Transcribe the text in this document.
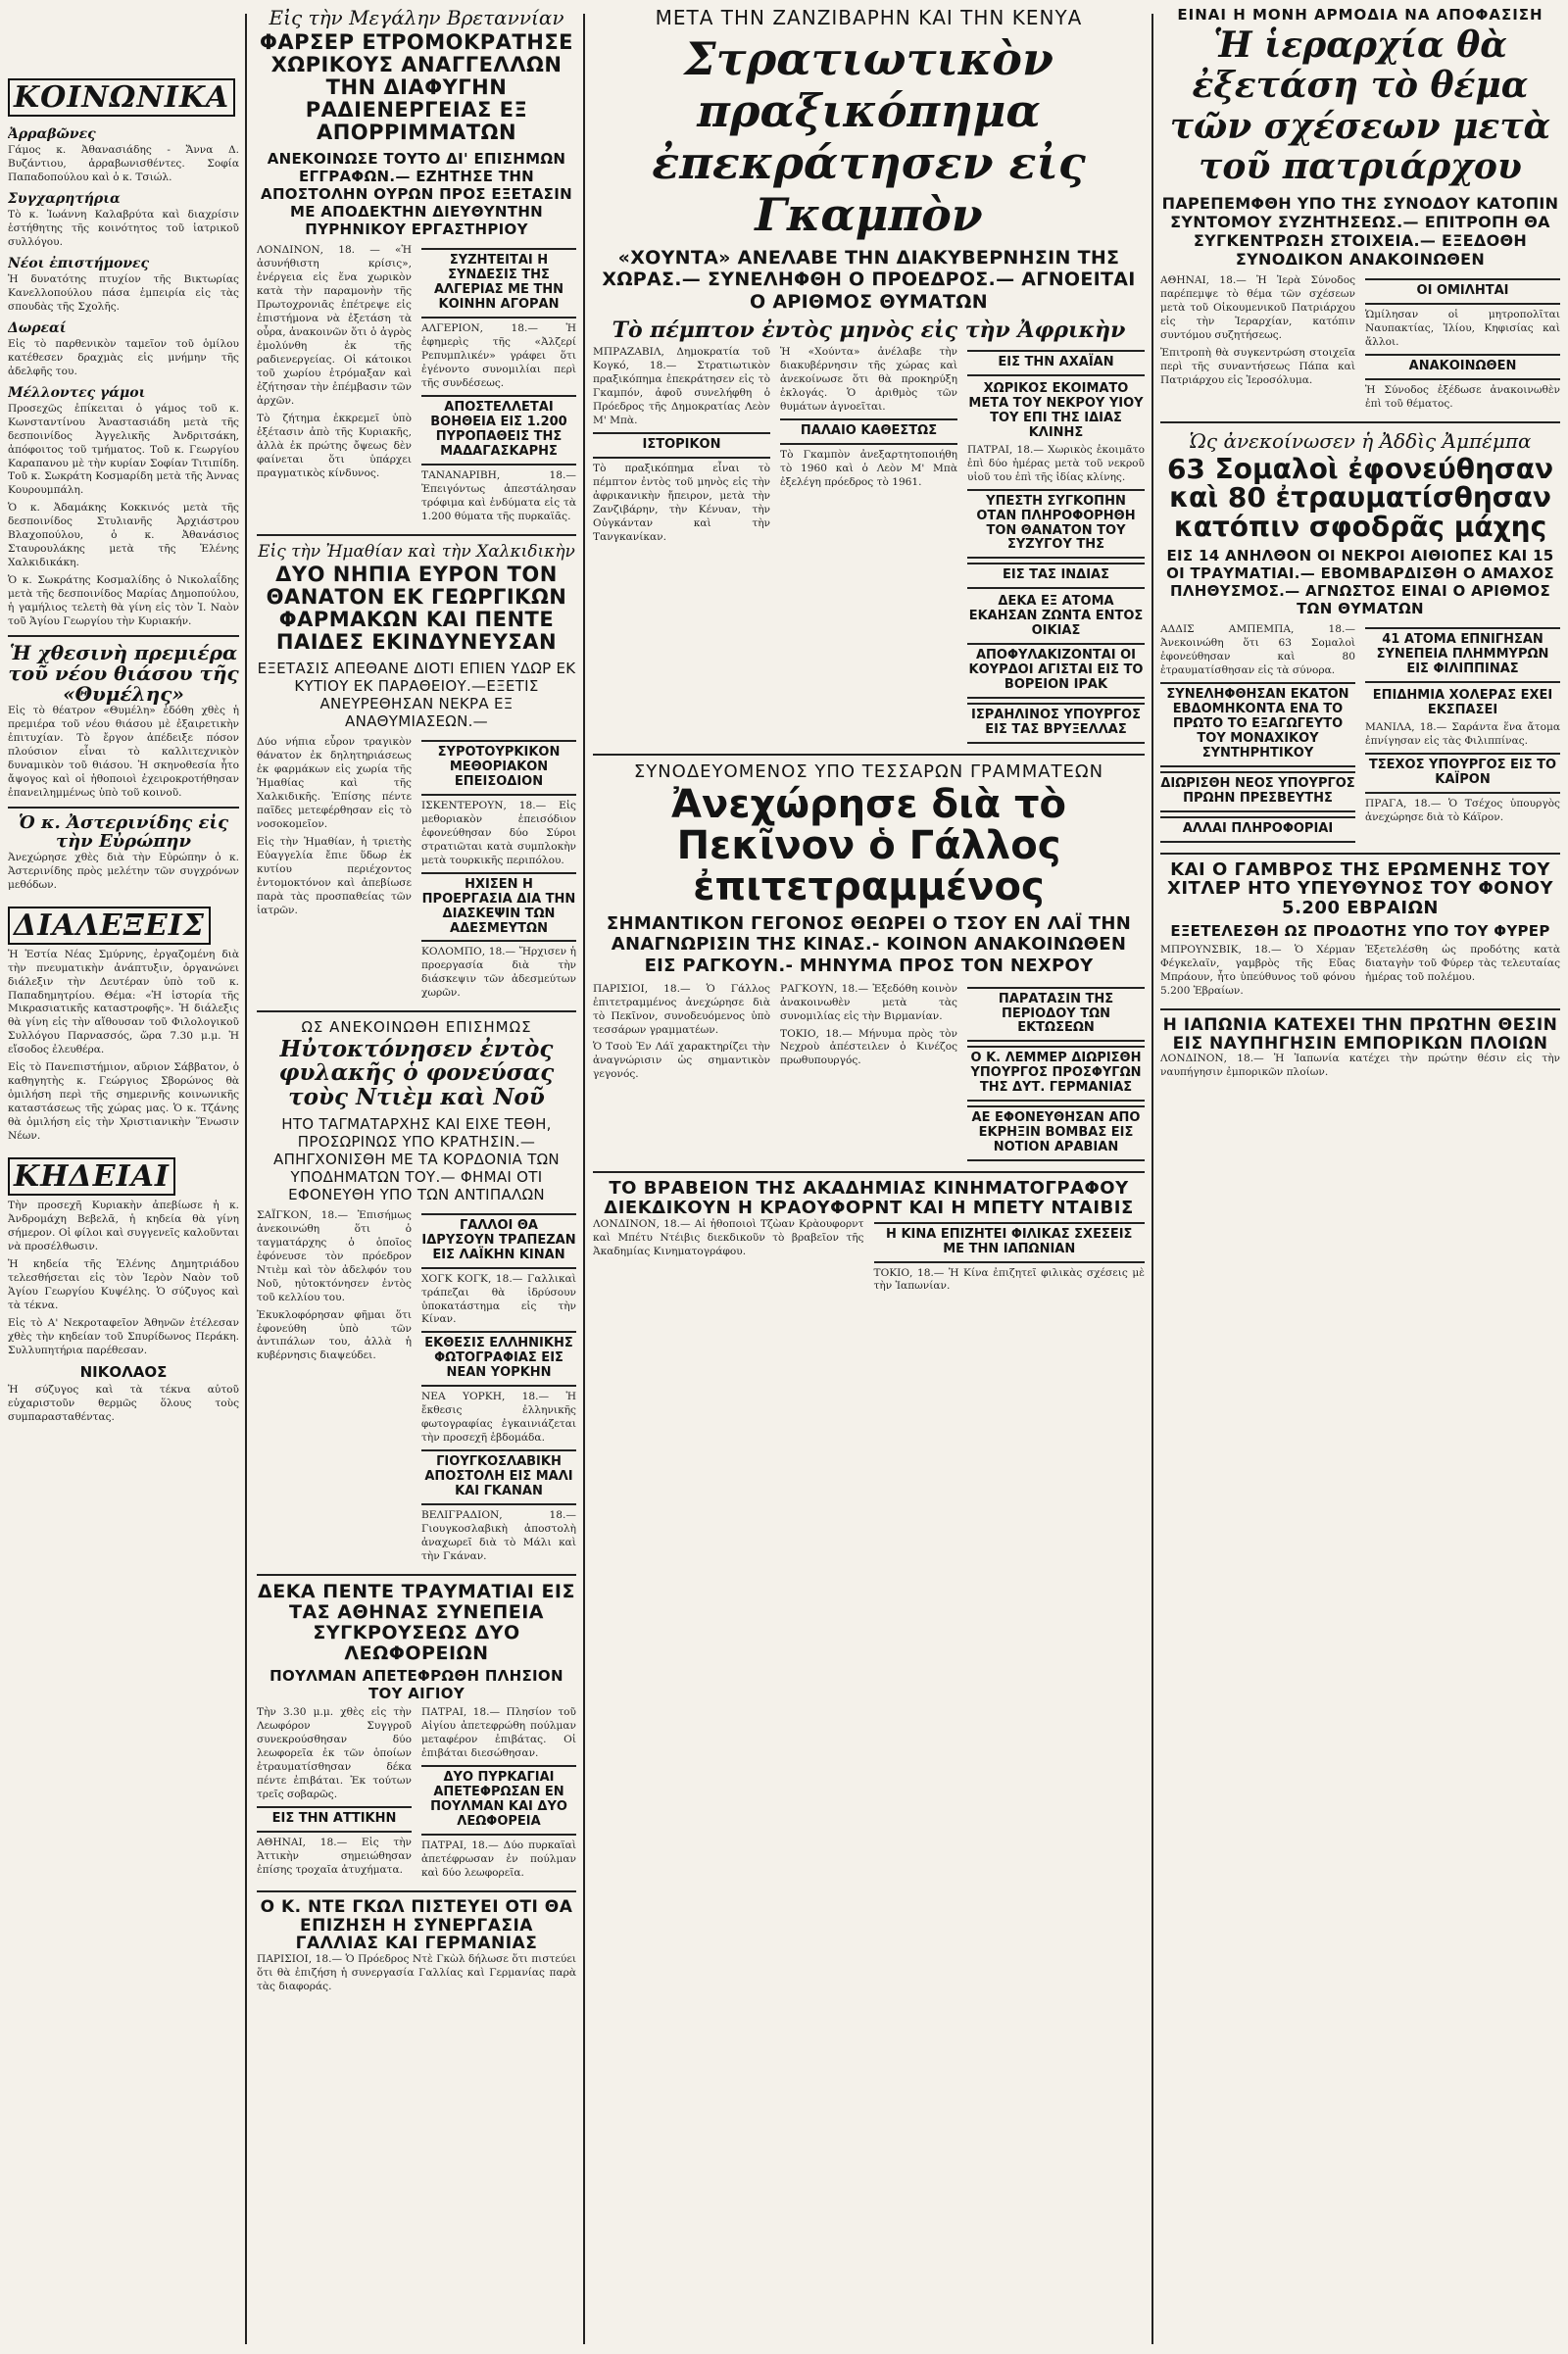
ΚΟΙΝΩΝΙΚΑ
Ἀρραβῶνες

Γάμος κ. Ἀθανασιάδης - Ἄννα Δ. Βυζάντιου, ἀρραβωνισθέντες. Σοφία Παπαδοπούλου καὶ ὁ κ. Τσιώλ.

Συγχαρητήρια

Τὸ κ. Ἰωάννη Καλαβρύτα καὶ διαχρίσιν ἑστήθητης τῆς κοινότητος τοῦ ἰατρικοῦ συλλόγου.

Νέοι ἐπιστήμονες

Ἡ δυνατότης πτυχίον τῆς Βικτωρίας Κανελλοπούλου πάσα ἐμπειρία εἰς τὰς σπουδὰς τῆς Σχολῆς.

Δωρεαί

Εἰς τὸ παρθενικὸν ταμεῖον τοῦ ὁμίλου κατέθεσεν δραχμὰς εἰς μνήμην τῆς ἀδελφῆς του.

Μέλλοντες γάμοι

Προσεχῶς ἐπίκειται ὁ γάμος τοῦ κ. Κωνσταντίνου Ἀναστασιάδη μετὰ τῆς δεσποινίδος Ἀγγελικῆς Ἀνδριτσάκη, ἀπόφοιτος τοῦ τμήματος. Τοῦ κ. Γεωργίου Καραπανου μὲ τὴν κυρίαν Σοφίαν Τιτιπίδη. Τοῦ κ. Σωκράτη Κοσμαρίδη μετὰ τῆς Ἀννας Κουρουμπάλη.

Ὁ κ. Ἀδαμάκης Κοκκινός μετὰ τῆς δεσποινίδος Στυλιανῆς Ἀρχιάστρου Βλαχοπούλου, ὁ κ. Ἀθανάσιος Σταυρουλάκης μετὰ τῆς Ἑλένης Χαλκιδικάκη.

Ὁ κ. Σωκράτης Κοσμαλίδης ὁ Νικολαΐδης μετὰ τῆς δεσποινίδος Μαρίας Δημοπούλου, ἡ γαμήλιος τελετὴ θὰ γίνη εἰς τὸν Ἱ. Ναὸν τοῦ Ἁγίου Γεωργίου τὴν Κυριακήν.

Ἡ χθεσινὴ πρεμιέρα τοῦ νέου θιάσου τῆς «Θυμέλης»

Εἰς τὸ θέατρον «Θυμέλη» ἐδόθη χθὲς ἡ πρεμιέρα τοῦ νέου θιάσου μὲ ἐξαιρετικὴν ἐπιτυχίαν. Τὸ ἔργον ἀπέδειξε πόσον πλούσιον εἶναι τὸ καλλιτεχνικὸν δυναμικὸν τοῦ θιάσου. Ἡ σκηνοθεσία ἦτο ἄψογος καὶ οἱ ἠθοποιοὶ ἐχειροκροτήθησαν ἐπανειλημμένως ὑπὸ τοῦ κοινοῦ.

Ὁ κ. Ἀστερινίδης εἰς τὴν Εὐρώπην

Ἀνεχώρησε χθὲς διὰ τὴν Εὐρώπην ὁ κ. Ἀστερινίδης πρὸς μελέτην τῶν συγχρόνων μεθόδων.

ΔΙΑΛΕΞΕΙΣ

Ἡ Ἑστία Νέας Σμύρνης, ἐργαζομένη διὰ τὴν πνευματικὴν ἀνάπτυξιν, ὀργανώνει διάλεξιν τὴν Δευτέραν ὑπὸ τοῦ κ. Παπαδημητρίου. Θέμα: «Ἡ ἱστορία τῆς Μικρασιατικῆς καταστροφῆς». Ἡ διάλεξις θὰ γίνη εἰς τὴν αἴθουσαν τοῦ Φιλολογικοῦ Συλλόγου Παρνασσός, ὥρα 7.30 μ.μ. Ἡ εἴσοδος ἐλευθέρα.

Εἰς τὸ Πανεπιστήμιον, αὔριον Σάββατον, ὁ καθηγητὴς κ. Γεώργιος Σβορώνος θὰ ὁμιλήση περὶ τῆς σημερινῆς κοινωνικῆς καταστάσεως τῆς χώρας μας. Ὁ κ. Τζάνης θὰ ὁμιλήση εἰς τὴν Χριστιανικὴν Ἕνωσιν Νέων.

ΚΗΔΕΙΑΙ

Τὴν προσεχῆ Κυριακὴν ἀπεβίωσε ἡ κ. Ἀνδρομάχη Βεβελᾶ, ἡ κηδεία θὰ γίνη σήμερον. Οἱ φίλοι καὶ συγγενεῖς καλοῦνται νὰ προσέλθωσιν.

Ἡ κηδεία τῆς Ἑλένης Δημητριάδου τελεσθήσεται εἰς τὸν Ἱερὸν Ναὸν τοῦ Ἁγίου Γεωργίου Κυψέλης. Ὁ σύζυγος καὶ τὰ τέκνα.

Εἰς τὸ Α' Νεκροταφεῖον Ἀθηνῶν ἐτέλεσαν χθὲς τὴν κηδείαν τοῦ Σπυρίδωνος Περάκη. Συλλυπητήρια παρέθεσαν.

ΝΙΚΟΛΑΟΣ

Ἡ σύζυγος καὶ τὰ τέκνα αὐτοῦ εὐχαριστοῦν θερμῶς ὅλους τοὺς συμπαρασταθέντας.

Εἰς τὴν Μεγάλην Βρεταννίαν
ΦΑΡΣΕΡ ΕΤΡΟΜΟΚΡΑΤΗΣΕ ΧΩΡΙΚΟΥΣ ΑΝΑΓΓΕΛΛΩΝ ΤΗΝ ΔΙΑΦΥΓΗΝ ΡΑΔΙΕΝΕΡΓΕΙΑΣ ΕΞ ΑΠΟΡΡΙΜΜΑΤΩΝ
ΑΝΕΚΟΙΝΩΣΕ ΤΟΥΤΟ ΔΙ' ΕΠΙΣΗΜΩΝ ΕΓΓΡΑΦΩΝ.— ΕΖΗΤΗΣΕ ΤΗΝ ΑΠΟΣΤΟΛΗΝ ΟΥΡΩΝ ΠΡΟΣ ΕΞΕΤΑΣΙΝ ΜΕ ΑΠΟΔΕΚΤΗΝ ΔΙΕΥΘΥΝΤΗΝ ΠΥΡΗΝΙΚΟΥ ΕΡΓΑΣΤΗΡΙΟΥ

ΛΟΝΔΙΝΟΝ, 18. — «Ἡ ἀσυνήθιστη κρίσις», ἐνέργεια εἰς ἕνα χωρικὸν κατὰ τὴν παραμονὴν τῆς Πρωτοχρονιᾶς ἐπέτρεψε εἰς ἐπιστήμονα νὰ ἐξετάση τὰ οὖρα, ἀνακοινῶν ὅτι ὁ ἀγρὸς ἐμολύνθη ἐκ τῆς ραδιενεργείας. Οἱ κάτοικοι τοῦ χωρίου ἐτρόμαξαν καὶ ἐζήτησαν τὴν ἐπέμβασιν τῶν ἀρχῶν.

Τὸ ζήτημα ἐκκρεμεῖ ὑπὸ ἐξέτασιν ἀπὸ τῆς Κυριακῆς, ἀλλὰ ἐκ πρώτης ὄψεως δὲν φαίνεται ὅτι ὑπάρχει πραγματικὸς κίνδυνος.

ΣΥΖΗΤΕΙΤΑΙ Η ΣΥΝΔΕΣΙΣ ΤΗΣ ΑΛΓΕΡΙΑΣ ΜΕ ΤΗΝ ΚΟΙΝΗΝ ΑΓΟΡΑΝ

ΑΛΓΕΡΙΟΝ, 18.— Ἡ ἐφημερὶς τῆς «Ἀλζερί Ρεπυμπλικέν» γράφει ὅτι ἐγένοντο συνομιλίαι περὶ τῆς συνδέσεως.

ΑΠΟΣΤΕΛΛΕΤΑΙ ΒΟΗΘΕΙΑ ΕΙΣ 1.200 ΠΥΡΟΠΑΘΕΙΣ ΤΗΣ ΜΑΔΑΓΑΣΚΑΡΗΣ

ΤΑΝΑΝΑΡΙΒΗ, 18.— Ἐπειγόντως ἀπεστάλησαν τρόφιμα καὶ ἐνδύματα εἰς τὰ 1.200 θύματα τῆς πυρκαϊᾶς.

Εἰς τὴν Ἠμαθίαν καὶ τὴν Χαλκιδικὴν
ΔΥΟ ΝΗΠΙΑ ΕΥΡΟΝ ΤΟΝ ΘΑΝΑΤΟΝ ΕΚ ΓΕΩΡΓΙΚΩΝ ΦΑΡΜΑΚΩΝ ΚΑΙ ΠΕΝΤΕ ΠΑΙΔΕΣ ΕΚΙΝΔΥΝΕΥΣΑΝ
ΕΞΕΤΑΣΙΣ ΑΠΕΘΑΝΕ ΔΙΟΤΙ ΕΠΙΕΝ ΥΔΩΡ ΕΚ ΚΥΤΙΟΥ ΕΚ ΠΑΡΑΘΕΙΟΥ.—ΕΞΕΤΙΣ ΑΝΕΥΡΕΘΗΣΑΝ ΝΕΚΡΑ ΕΞ ΑΝΑΘΥΜΙΑΣΕΩΝ.—

Δύο νήπια εὗρον τραγικὸν θάνατον ἐκ δηλητηριάσεως ἐκ φαρμάκων εἰς χωρία τῆς Ἠμαθίας καὶ τῆς Χαλκιδικῆς. Ἐπίσης πέντε παῖδες μετεφέρθησαν εἰς τὸ νοσοκομεῖον.

Εἰς τὴν Ἡμαθίαν, ἡ τριετὴς Εὐαγγελία ἔπιε ὕδωρ ἐκ κυτίου περιέχοντος ἐντομοκτόνον καὶ ἀπεβίωσε παρὰ τὰς προσπαθείας τῶν ἰατρῶν.

ΣΥΡΟΤΟΥΡΚΙΚΟΝ ΜΕΘΟΡΙΑΚΟΝ ΕΠΕΙΣΟΔΙΟΝ

ΙΣΚΕΝΤΕΡΟΥΝ, 18.— Εἰς μεθοριακὸν ἐπεισόδιον ἐφονεύθησαν δύο Σύροι στρατιῶται κατὰ συμπλοκὴν μετὰ τουρκικῆς περιπόλου.

ΗΧΙΣΕΝ Η ΠΡΟΕΡΓΑΣΙΑ ΔΙΑ ΤΗΝ ΔΙΑΣΚΕΨΙΝ ΤΩΝ ΑΔΕΣΜΕΥΤΩΝ

ΚΟΛΟΜΠΟ, 18.— Ἤρχισεν ἡ προεργασία διὰ τὴν διάσκεψιν τῶν ἀδεσμεύτων χωρῶν.

ΩΣ ΑΝΕΚΟΙΝΩΘΗ ΕΠΙΣΗΜΩΣ
Ηὐτοκτόνησεν ἐντὸς φυλακῆς ὁ φονεύσας τοὺς Ντιὲμ καὶ Νοῦ
ΗΤΟ ΤΑΓΜΑΤΑΡΧΗΣ ΚΑΙ ΕΙΧΕ ΤΕΘΗ, ΠΡΟΣΩΡΙΝΩΣ ΥΠΟ ΚΡΑΤΗΣΙΝ.— ΑΠΗΓΧΟΝΙΣΘΗ ΜΕ ΤΑ ΚΟΡΔΟΝΙΑ ΤΩΝ ΥΠΟΔΗΜΑΤΩΝ ΤΟΥ.— ΦΗΜΑΙ ΟΤΙ ΕΦΟΝΕΥΘΗ ΥΠΟ ΤΩΝ ΑΝΤΙΠΑΛΩΝ

ΣΑΪΓΚΟΝ, 18.— Ἐπισήμως ἀνεκοινώθη ὅτι ὁ ταγματάρχης ὁ ὁποῖος ἐφόνευσε τὸν πρόεδρον Ντιὲμ καὶ τὸν ἀδελφόν του Νοῦ, ηὐτοκτόνησεν ἐντὸς τοῦ κελλίου του.

Ἐκυκλοφόρησαν φῆμαι ὅτι ἐφονεύθη ὑπὸ τῶν ἀντιπάλων του, ἀλλὰ ἡ κυβέρνησις διαψεύδει.

ΓΑΛΛΟΙ ΘΑ ΙΔΡΥΣΟΥΝ ΤΡΑΠΕΖΑΝ ΕΙΣ ΛΑΪΚΗΝ ΚΙΝΑΝ

ΧΟΓΚ ΚΟΓΚ, 18.— Γαλλικαὶ τράπεζαι θὰ ἱδρύσουν ὑποκατάστημα εἰς τὴν Κίναν.

ΕΚΘΕΣΙΣ ΕΛΛΗΝΙΚΗΣ ΦΩΤΟΓΡΑΦΙΑΣ ΕΙΣ ΝΕΑΝ ΥΟΡΚΗΝ

ΝΕΑ ΥΟΡΚΗ, 18.— Ἡ ἔκθεσις ἐλληνικῆς φωτογραφίας ἐγκαινιάζεται τὴν προσεχῆ ἑβδομάδα.

ΓΙΟΥΓΚΟΣΛΑΒΙΚΗ ΑΠΟΣΤΟΛΗ ΕΙΣ ΜΑΛΙ ΚΑΙ ΓΚΑΝΑΝ

ΒΕΛΙΓΡΑΔΙΟΝ, 18.— Γιουγκοσλαβικὴ ἀποστολὴ ἀναχωρεῖ διὰ τὸ Μάλι καὶ τὴν Γκάναν.

ΔΕΚΑ ΠΕΝΤΕ ΤΡΑΥΜΑΤΙΑΙ ΕΙΣ ΤΑΣ ΑΘΗΝΑΣ ΣΥΝΕΠΕΙΑ ΣΥΓΚΡΟΥΣΕΩΣ ΔΥΟ ΛΕΩΦΟΡΕΙΩΝ
ΠΟΥΛΜΑΝ ΑΠΕΤΕΦΡΩΘΗ ΠΛΗΣΙΟΝ ΤΟΥ ΑΙΓΙΟΥ

Τὴν 3.30 μ.μ. χθὲς εἰς τὴν Λεωφόρον Συγγροῦ συνεκρούσθησαν δύο λεωφορεῖα ἐκ τῶν ὁποίων ἐτραυματίσθησαν δέκα πέντε ἐπιβάται. Ἐκ τούτων τρεῖς σοβαρῶς.

ΕΙΣ ΤΗΝ ΑΤΤΙΚΗΝ

ΑΘΗΝΑΙ, 18.— Εἰς τὴν Ἀττικὴν σημειώθησαν ἐπίσης τροχαῖα ἀτυχήματα.

ΠΑΤΡΑΙ, 18.— Πλησίον τοῦ Αἰγίου ἀπετεφρώθη πούλμαν μεταφέρον ἐπιβάτας. Οἱ ἐπιβάται διεσώθησαν.

ΔΥΟ ΠΥΡΚΑΓΙΑΙ ΑΠΕΤΕΦΡΩΣΑΝ ΕΝ ΠΟΥΛΜΑΝ ΚΑΙ ΔΥΟ ΛΕΩΦΟΡΕΙΑ

ΠΑΤΡΑΙ, 18.— Δύο πυρκαϊαὶ ἀπετέφρωσαν ἐν πούλμαν καὶ δύο λεωφορεῖα.

Ο Κ. ΝΤΕ ΓΚΩΛ ΠΙΣΤΕΥΕΙ ΟΤΙ ΘΑ ΕΠΙΖΗΣΗ Η ΣΥΝΕΡΓΑΣΙΑ ΓΑΛΛΙΑΣ ΚΑΙ ΓΕΡΜΑΝΙΑΣ

ΠΑΡΙΣΙΟΙ, 18.— Ὁ Πρόεδρος Ντὲ Γκὼλ δήλωσε ὅτι πιστεύει ὅτι θὰ ἐπιζήση ἡ συνεργασία Γαλλίας καὶ Γερμανίας παρὰ τὰς διαφοράς.

ΜΕΤΑ ΤΗΝ ΖΑΝΖΙΒΑΡΗΝ ΚΑΙ ΤΗΝ ΚΕΝΥΑ
Στρατιωτικὸν πραξικόπημα ἐπεκράτησεν εἰς Γκαμπὸν
«ΧΟΥΝΤΑ» ΑΝΕΛΑΒΕ ΤΗΝ ΔΙΑΚΥΒΕΡΝΗΣΙΝ ΤΗΣ ΧΩΡΑΣ.— ΣΥΝΕΛΗΦΘΗ Ο ΠΡΟΕΔΡΟΣ.— ΑΓΝΟΕΙΤΑΙ Ο ΑΡΙΘΜΟΣ ΘΥΜΑΤΩΝ
Τὸ πέμπτον ἐντὸς μηνὸς εἰς τὴν Ἀφρικὴν

ΜΠΡΑΖΑΒΙΛ, Δημοκρατία τοῦ Κογκό, 18.— Στρατιωτικὸν πραξικόπημα ἐπεκράτησεν εἰς τὸ Γκαμπόν, ἀφοῦ συνελήφθη ὁ Πρόεδρος τῆς Δημοκρατίας Λεὸν Μ' Μπὰ.

ΙΣΤΟΡΙΚΟΝ

Τὸ πραξικόπημα εἶναι τὸ πέμπτον ἐντὸς τοῦ μηνὸς εἰς τὴν ἀφρικανικὴν ἤπειρον, μετὰ τὴν Ζανζιβάρην, τὴν Κένυαν, τὴν Οὐγκάνταν καὶ τὴν Τανγκανίκαν.

Ἡ «Χούντα» ἀνέλαβε τὴν διακυβέρνησιν τῆς χώρας καὶ ἀνεκοίνωσε ὅτι θὰ προκηρύξη ἐκλογάς. Ὁ ἀριθμὸς τῶν θυμάτων ἀγνοεῖται.

ΠΑΛΑΙΟ ΚΑΘΕΣΤΩΣ

Τὸ Γκαμπὸν ἀνεξαρτητοποιήθη τὸ 1960 καὶ ὁ Λεὸν Μ' Μπὰ ἐξελέγη πρόεδρος τὸ 1961.

ΕΙΣ ΤΗΝ ΑΧΑΪΑΝ
ΧΩΡΙΚΟΣ ΕΚΟΙΜΑΤΟ ΜΕΤΑ ΤΟΥ ΝΕΚΡΟΥ ΥΙΟΥ ΤΟΥ ΕΠΙ ΤΗΣ ΙΔΙΑΣ ΚΛΙΝΗΣ

ΠΑΤΡΑΙ, 18.— Χωρικὸς ἐκοιμᾶτο ἐπὶ δύο ἡμέρας μετὰ τοῦ νεκροῦ υἱοῦ του ἐπὶ τῆς ἰδίας κλίνης.

ΥΠΕΣΤΗ ΣΥΓΚΟΠΗΝ ΟΤΑΝ ΠΛΗΡΟΦΟΡΗΘΗ ΤΟΝ ΘΑΝΑΤΟΝ ΤΟΥ ΣΥΖΥΓΟΥ ΤΗΣ
ΕΙΣ ΤΑΣ ΙΝΔΙΑΣ
ΔΕΚΑ ΕΞ ΑΤΟΜΑ ΕΚΑΗΣΑΝ ΖΩΝΤΑ ΕΝΤΟΣ ΟΙΚΙΑΣ
ΑΠΟΦΥΛΑΚΙΖΟΝΤΑΙ ΟΙ ΚΟΥΡΔΟΙ ΑΓΙΣΤΑΙ ΕΙΣ ΤΟ ΒΟΡΕΙΟΝ ΙΡΑΚ
ΙΣΡΑΗΛΙΝΟΣ ΥΠΟΥΡΓΟΣ ΕΙΣ ΤΑΣ ΒΡΥΞΕΛΛΑΣ
ΣΥΝΟΔΕΥΟΜΕΝΟΣ ΥΠΟ ΤΕΣΣΑΡΩΝ ΓΡΑΜΜΑΤΕΩΝ
Ἀνεχώρησε διὰ τὸ Πεκῖνον ὁ Γάλλος ἐπιτετραμμένος
ΣΗΜΑΝΤΙΚΟΝ ΓΕΓΟΝΟΣ ΘΕΩΡΕΙ Ο ΤΣΟΥ ΕΝ ΛΑΪ ΤΗΝ ΑΝΑΓΝΩΡΙΣΙΝ ΤΗΣ ΚΙΝΑΣ.- ΚΟΙΝΟΝ ΑΝΑΚΟΙΝΩΘΕΝ ΕΙΣ ΡΑΓΚΟΥΝ.- ΜΗΝΥΜΑ ΠΡΟΣ ΤΟΝ ΝΕΧΡΟΥ

ΠΑΡΙΣΙΟΙ, 18.— Ὁ Γάλλος ἐπιτετραμμένος ἀνεχώρησε διὰ τὸ Πεκῖνον, συνοδευόμενος ὑπὸ τεσσάρων γραμματέων.

Ὁ Τσοὺ Ἐν Λάϊ χαρακτηρίζει τὴν ἀναγνώρισιν ὡς σημαντικὸν γεγονός.

ΡΑΓΚΟΥΝ, 18.— Ἐξεδόθη κοινὸν ἀνακοινωθὲν μετὰ τὰς συνομιλίας εἰς τὴν Βιρμανίαν.

ΤΟΚΙΟ, 18.— Μήνυμα πρὸς τὸν Νεχροὺ ἀπέστειλεν ὁ Κινέζος πρωθυπουργός.

ΠΑΡΑΤΑΣΙΝ ΤΗΣ ΠΕΡΙΟΔΟΥ ΤΩΝ ΕΚΤΩΣΕΩΝ
Ο Κ. ΛΕΜΜΕΡ ΔΙΩΡΙΣΘΗ ΥΠΟΥΡΓΟΣ ΠΡΟΣΦΥΓΩΝ ΤΗΣ ΔΥΤ. ΓΕΡΜΑΝΙΑΣ
ΑΕ ΕΦΟΝΕΥΘΗΣΑΝ ΑΠΟ ΕΚΡΗΞΙΝ ΒΟΜΒΑΣ ΕΙΣ ΝΟΤΙΟΝ ΑΡΑΒΙΑΝ
ΤΟ ΒΡΑΒΕΙΟΝ ΤΗΣ ΑΚΑΔΗΜΙΑΣ ΚΙΝΗΜΑΤΟΓΡΑΦΟΥ ΔΙΕΚΔΙΚΟΥΝ Η ΚΡΑΟΥΦΟΡΝΤ ΚΑΙ Η ΜΠΕΤΥ ΝΤΑΙΒΙΣ

ΛΟΝΔΙΝΟΝ, 18.— Αἱ ἠθοποιοὶ Τζὼαν Κρὰουφορντ καὶ Μπέτυ Ντέιβις διεκδικοῦν τὸ βραβεῖον τῆς Ἀκαδημίας Κινηματογράφου.

Η ΚΙΝΑ ΕΠΙΖΗΤΕΙ ΦΙΛΙΚΑΣ ΣΧΕΣΕΙΣ ΜΕ ΤΗΝ ΙΑΠΩΝΙΑΝ

ΤΟΚΙΟ, 18.— Ἡ Κίνα ἐπιζητεῖ φιλικὰς σχέσεις μὲ τὴν Ἰαπωνίαν.

ΕΙΝΑΙ Η ΜΟΝΗ ΑΡΜΟΔΙΑ ΝΑ ΑΠΟΦΑΣΙΣΗ
Ἡ ἱεραρχία θὰ ἐξετάση τὸ θέμα τῶν σχέσεων μετὰ τοῦ πατριάρχου
ΠΑΡΕΠΕΜΦΘΗ ΥΠΟ ΤΗΣ ΣΥΝΟΔΟΥ ΚΑΤΟΠΙΝ ΣΥΝΤΟΜΟΥ ΣΥΖΗΤΗΣΕΩΣ.— ΕΠΙΤΡΟΠΗ ΘΑ ΣΥΓΚΕΝΤΡΩΣΗ ΣΤΟΙΧΕΙΑ.— ΕΞΕΔΟΘΗ ΣΥΝΟΔΙΚΟΝ ΑΝΑΚΟΙΝΩΘΕΝ

ΑΘΗΝΑΙ, 18.— Ἡ Ἱερὰ Σύνοδος παρέπεμψε τὸ θέμα τῶν σχέσεων μετὰ τοῦ Οἰκουμενικοῦ Πατριάρχου εἰς τὴν Ἱεραρχίαν, κατόπιν συντόμου συζητήσεως.

Ἐπιτροπὴ θὰ συγκεντρώση στοιχεῖα περὶ τῆς συναντήσεως Πάπα καὶ Πατριάρχου εἰς Ἱεροσόλυμα.

ΟΙ ΟΜΙΛΗΤΑΙ

Ὡμίλησαν οἱ μητροπολῖται Ναυπακτίας, Ἰλίου, Κηφισίας καὶ ἄλλοι.

ΑΝΑΚΟΙΝΩΘΕΝ

Ἡ Σύνοδος ἐξέδωσε ἀνακοινωθὲν ἐπὶ τοῦ θέματος.

Ὡς ἀνεκοίνωσεν ἡ Ἀδδὶς Ἀμπέμπα
63 Σομαλοὶ ἐφονεύθησαν καὶ 80 ἐτραυματίσθησαν κατόπιν σφοδρᾶς μάχης
ΕΙΣ 14 ΑΝΗΛΘΟΝ ΟΙ ΝΕΚΡΟΙ ΑΙΘΙΟΠΕΣ ΚΑΙ 15 ΟΙ ΤΡΑΥΜΑΤΙΑΙ.— ΕΒΟΜΒΑΡΔΙΣΘΗ Ο ΑΜΑΧΟΣ ΠΛΗΘΥΣΜΟΣ.— ΑΓΝΩΣΤΟΣ ΕΙΝΑΙ Ο ΑΡΙΘΜΟΣ ΤΩΝ ΘΥΜΑΤΩΝ

ΑΔΔΙΣ ΑΜΠΕΜΠΑ, 18.— Ἀνεκοινώθη ὅτι 63 Σομαλοὶ ἐφονεύθησαν καὶ 80 ἐτραυματίσθησαν εἰς τὰ σύνορα.

ΣΥΝΕΛΗΦΘΗΣΑΝ ΕΚΑΤΟΝ ΕΒΔΟΜΗΚΟΝΤΑ ΕΝΑ ΤΟ ΠΡΩΤΟ ΤΟ ΕΞΑΓΩΓΕΥΤΟ ΤΟΥ ΜΟΝΑΧΙΚΟΥ ΣΥΝΤΗΡΗΤΙΚΟΥ
ΔΙΩΡΙΣΘΗ ΝΕΟΣ ΥΠΟΥΡΓΟΣ ΠΡΩΗΝ ΠΡΕΣΒΕΥΤΗΣ
ΑΛΛΑΙ ΠΛΗΡΟΦΟΡΙΑΙ
41 ΑΤΟΜΑ ΕΠΝΙΓΗΣΑΝ ΣΥΝΕΠΕΙΑ ΠΛΗΜΜΥΡΩΝ ΕΙΣ ΦΙΛΙΠΠΙΝΑΣ
ΕΠΙΔΗΜΙΑ ΧΟΛΕΡΑΣ ΕΧΕΙ ΕΚΣΠΑΣΕΙ

ΜΑΝΙΛΑ, 18.— Σαράντα ἕνα ἄτομα ἐπνίγησαν εἰς τὰς Φιλιππίνας.

ΤΣΕΧΟΣ ΥΠΟΥΡΓΟΣ ΕΙΣ ΤΟ ΚΑΪΡΟΝ

ΠΡΑΓΑ, 18.— Ὁ Τσέχος ὑπουργὸς ἀνεχώρησε διὰ τὸ Κάϊρον.

ΚΑΙ Ο ΓΑΜΒΡΟΣ ΤΗΣ ΕΡΩΜΕΝΗΣ ΤΟΥ ΧΙΤΛΕΡ ΗΤΟ ΥΠΕΥΘΥΝΟΣ ΤΟΥ ΦΟΝΟΥ 5.200 ΕΒΡΑΙΩΝ
ΕΞΕΤΕΛΕΣΘΗ ΩΣ ΠΡΟΔΟΤΗΣ ΥΠΟ ΤΟΥ ΦΥΡΕΡ

ΜΠΡΟΥΝΣΒΙΚ, 18.— Ὁ Χέρμαν Φέγκελαϊν, γαμβρὸς τῆς Εὔας Μπράουν, ἦτο ὑπεύθυνος τοῦ φόνου 5.200 Ἑβραίων.

Ἐξετελέσθη ὡς προδότης κατὰ διαταγὴν τοῦ Φύρερ τὰς τελευταίας ἡμέρας τοῦ πολέμου.

Η ΙΑΠΩΝΙΑ ΚΑΤΕΧΕΙ ΤΗΝ ΠΡΩΤΗΝ ΘΕΣΙΝ ΕΙΣ ΝΑΥΠΗΓΗΣΙΝ ΕΜΠΟΡΙΚΩΝ ΠΛΟΙΩΝ

ΛΟΝΔΙΝΟΝ, 18.— Ἡ Ἰαπωνία κατέχει τὴν πρώτην θέσιν εἰς τὴν ναυπήγησιν ἐμπορικῶν πλοίων.
